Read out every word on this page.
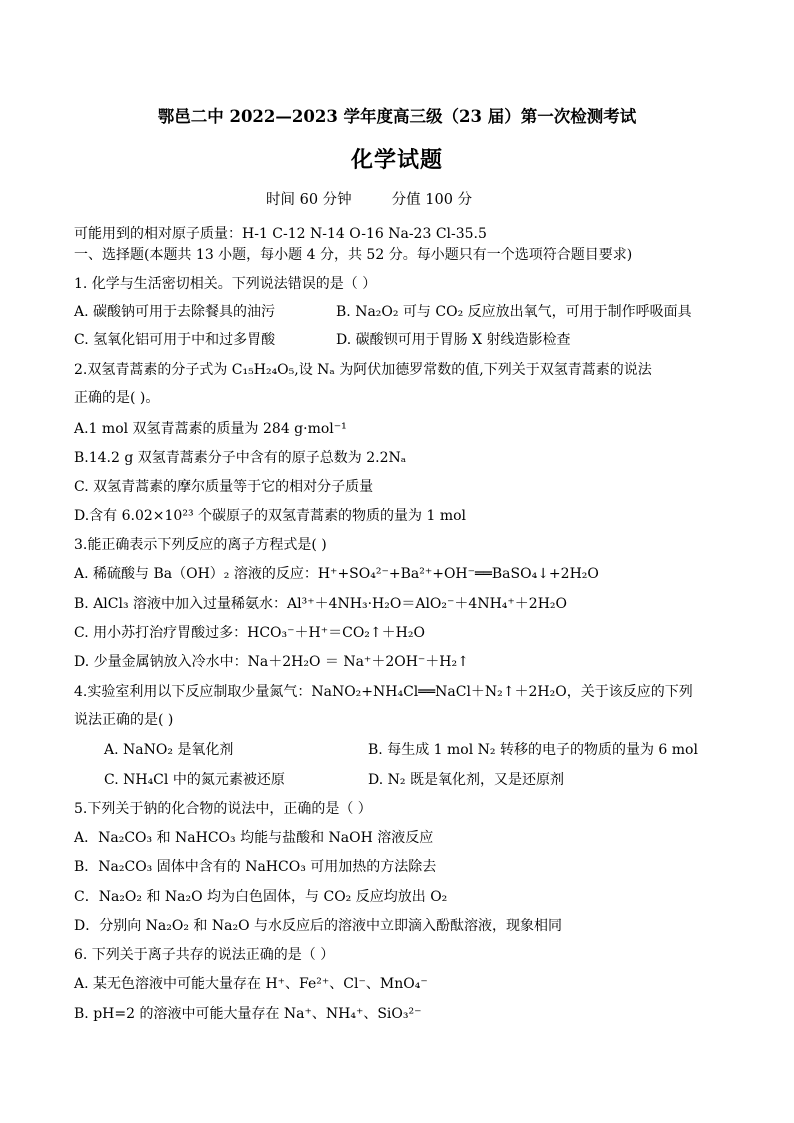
鄂邑二中 2022—2023 学年度高三级（23 届）第一次检测考试
化学试题
时间 60 分钟	分值 100 分
可能用到的相对原子质量：H-1 C-12 N-14 O-16 Na-23 Cl-35.5
一、选择题(本题共 13 小题，每小题 4 分，共 52 分。每小题只有一个选项符合题目要求)
1. 化学与生活密切相关。下列说法错误的是（ ）
A. 碳酸钠可用于去除餐具的油污	B. Na₂O₂ 可与 CO₂ 反应放出氧气，可用于制作呼吸面具
C. 氢氧化铝可用于中和过多胃酸	D. 碳酸钡可用于胃肠 X 射线造影检查
2.双氢青蒿素的分子式为 C₁₅H₂₄O₅,设 Nₐ 为阿伏加德罗常数的值,下列关于双氢青蒿素的说法
正确的是( )。
A.1 mol 双氢青蒿素的质量为 284 g·mol⁻¹
B.14.2 g 双氢青蒿素分子中含有的原子总数为 2.2Nₐ
C. 双氢青蒿素的摩尔质量等于它的相对分子质量
D.含有 6.02×10²³ 个碳原子的双氢青蒿素的物质的量为 1 mol
3.能正确表示下列反应的离子方程式是( )
A. 稀硫酸与 Ba（OH）₂ 溶液的反应：H⁺+SO₄²⁻+Ba²⁺+OH⁻══BaSO₄↓+2H₂O
B. AlCl₃ 溶液中加入过量稀氨水：Al³⁺＋4NH₃·H₂O＝AlO₂⁻＋4NH₄⁺＋2H₂O
C. 用小苏打治疗胃酸过多：HCO₃⁻＋H⁺＝CO₂↑＋H₂O
D. 少量金属钠放入冷水中：Na＋2H₂O ＝ Na⁺＋2OH⁻＋H₂↑
4.实验室利用以下反应制取少量氮气：NaNO₂+NH₄Cl══NaCl＋N₂↑＋2H₂O，关于该反应的下列
说法正确的是( )
A. NaNO₂ 是氧化剂	B. 每生成 1 mol N₂ 转移的电子的物质的量为 6 mol
C. NH₄Cl 中的氮元素被还原	D. N₂ 既是氧化剂，又是还原剂
5.下列关于钠的化合物的说法中，正确的是（ ）
A．Na₂CO₃ 和 NaHCO₃ 均能与盐酸和 NaOH 溶液反应
B．Na₂CO₃ 固体中含有的 NaHCO₃ 可用加热的方法除去
C．Na₂O₂ 和 Na₂O 均为白色固体，与 CO₂ 反应均放出 O₂
D．分别向 Na₂O₂ 和 Na₂O 与水反应后的溶液中立即滴入酚酞溶液，现象相同
6. 下列关于离子共存的说法正确的是（ ）
A. 某无色溶液中可能大量存在 H⁺、Fe²⁺、Cl⁻、MnO₄⁻
B. pH=2 的溶液中可能大量存在 Na⁺、NH₄⁺、SiO₃²⁻
